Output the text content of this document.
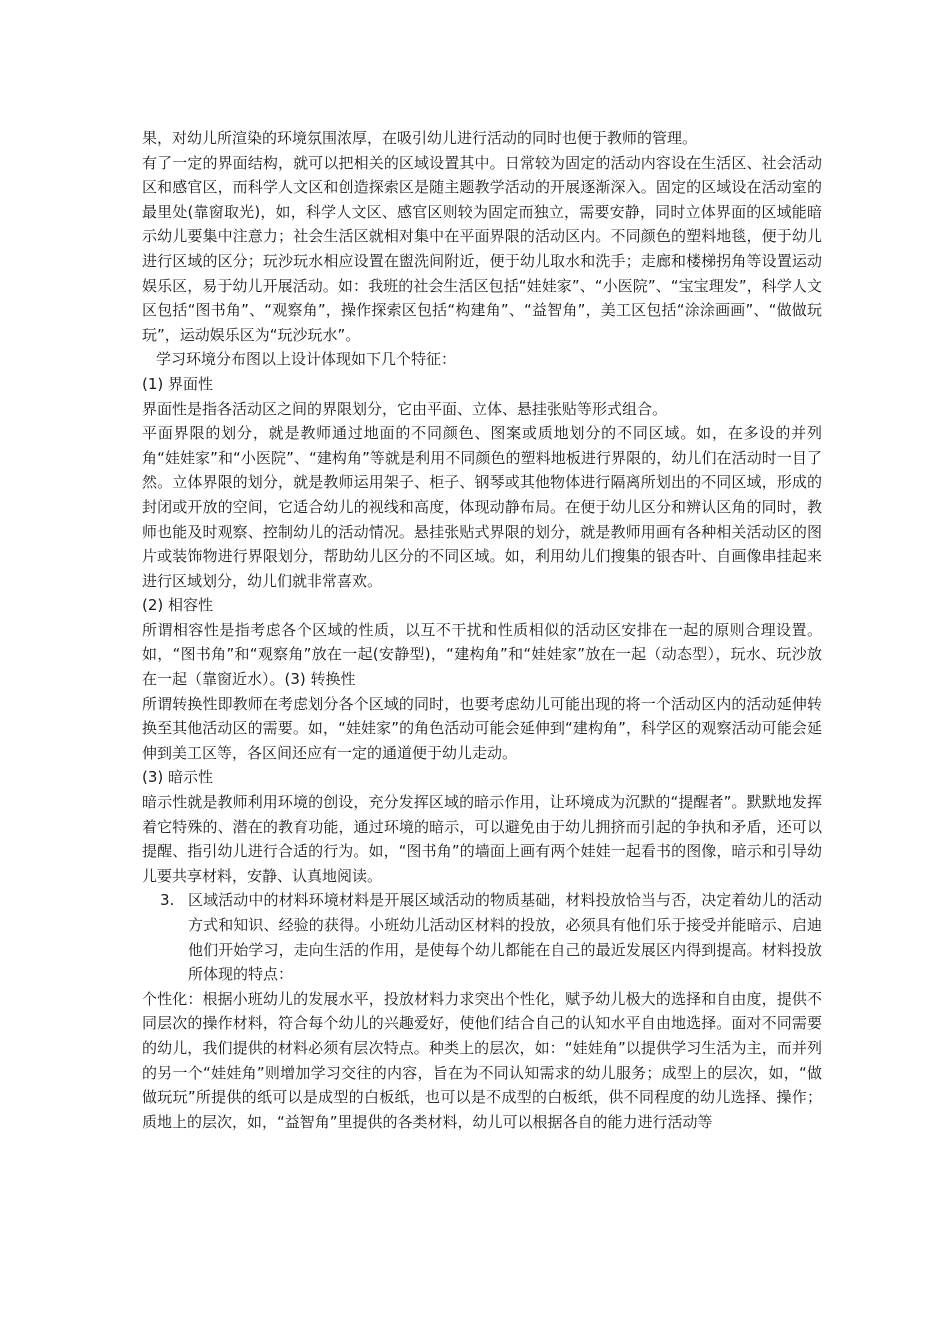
果，对幼儿所渲染的环境氛围浓厚，在吸引幼儿进行活动的同时也便于教师的管理。

有了一定的界面结构，就可以把相关的区域设置其中。日常较为固定的活动内容设在生活区、社会活动区和感官区，而科学人文区和创造探索区是随主题教学活动的开展逐渐深入。固定的区域设在活动室的最里处(靠窗取光)，如，科学人文区、感官区则较为固定而独立，需要安静，同时立体界面的区域能暗示幼儿要集中注意力；社会生活区就相对集中在平面界限的活动区内。不同颜色的塑料地毯，便于幼儿进行区域的区分；玩沙玩水相应设置在盥洗间附近，便于幼儿取水和洗手；走廊和楼梯拐角等设置运动娱乐区，易于幼儿开展活动。如：我班的社会生活区包括“娃娃家”、“小医院”、“宝宝理发”，科学人文区包括“图书角”、“观察角”，操作探索区包括“构建角”、“益智角”，美工区包括“涂涂画画”、“做做玩玩”，运动娱乐区为“玩沙玩水”。

学习环境分布图以上设计体现如下几个特征：

(1) 界面性

界面性是指各活动区之间的界限划分，它由平面、立体、悬挂张贴等形式组合。

平面界限的划分，就是教师通过地面的不同颜色、图案或质地划分的不同区域。如，在多设的并列角“娃娃家”和“小医院”、“建构角”等就是利用不同颜色的塑料地板进行界限的，幼儿们在活动时一目了然。立体界限的划分，就是教师运用架子、柜子、钢琴或其他物体进行隔离所划出的不同区域，形成的封闭或开放的空间，它适合幼儿的视线和高度，体现动静布局。在便于幼儿区分和辨认区角的同时，教师也能及时观察、控制幼儿的活动情况。悬挂张贴式界限的划分，就是教师用画有各种相关活动区的图片或装饰物进行界限划分，帮助幼儿区分的不同区域。如，利用幼儿们搜集的银杏叶、自画像串挂起来进行区域划分，幼儿们就非常喜欢。

(2) 相容性

所谓相容性是指考虑各个区域的性质，以互不干扰和性质相似的活动区安排在一起的原则合理设置。如，“图书角”和“观察角”放在一起(安静型)，“建构角”和“娃娃家”放在一起（动态型），玩水、玩沙放在一起（靠窗近水）。(3) 转换性

所谓转换性即教师在考虑划分各个区域的同时，也要考虑幼儿可能出现的将一个活动区内的活动延伸转换至其他活动区的需要。如，“娃娃家”的角色活动可能会延伸到“建构角”，科学区的观察活动可能会延伸到美工区等，各区间还应有一定的通道便于幼儿走动。

(3) 暗示性

暗示性就是教师利用环境的创设，充分发挥区域的暗示作用，让环境成为沉默的“提醒者”。默默地发挥着它特殊的、潜在的教育功能，通过环境的暗示，可以避免由于幼儿拥挤而引起的争执和矛盾，还可以提醒、指引幼儿进行合适的行为。如，“图书角”的墙面上画有两个娃娃一起看书的图像，暗示和引导幼儿要共享材料，安静、认真地阅读。

3. 区域活动中的材料环境材料是开展区域活动的物质基础，材料投放恰当与否，决定着幼儿的活动方式和知识、经验的获得。小班幼儿活动区材料的投放，必须具有他们乐于接受并能暗示、启迪他们开始学习，走向生活的作用，是使每个幼儿都能在自己的最近发展区内得到提高。材料投放所体现的特点：

个性化：根据小班幼儿的发展水平，投放材料力求突出个性化，赋予幼儿极大的选择和自由度，提供不同层次的操作材料，符合每个幼儿的兴趣爱好，使他们结合自己的认知水平自由地选择。面对不同需要的幼儿，我们提供的材料必须有层次特点。种类上的层次，如：“娃娃角”以提供学习生活为主，而并列的另一个“娃娃角”则增加学习交往的内容，旨在为不同认知需求的幼儿服务；成型上的层次，如，“做做玩玩”所提供的纸可以是成型的白板纸，也可以是不成型的白板纸，供不同程度的幼儿选择、操作；质地上的层次，如，“益智角”里提供的各类材料，幼儿可以根据各自的能力进行活动等
